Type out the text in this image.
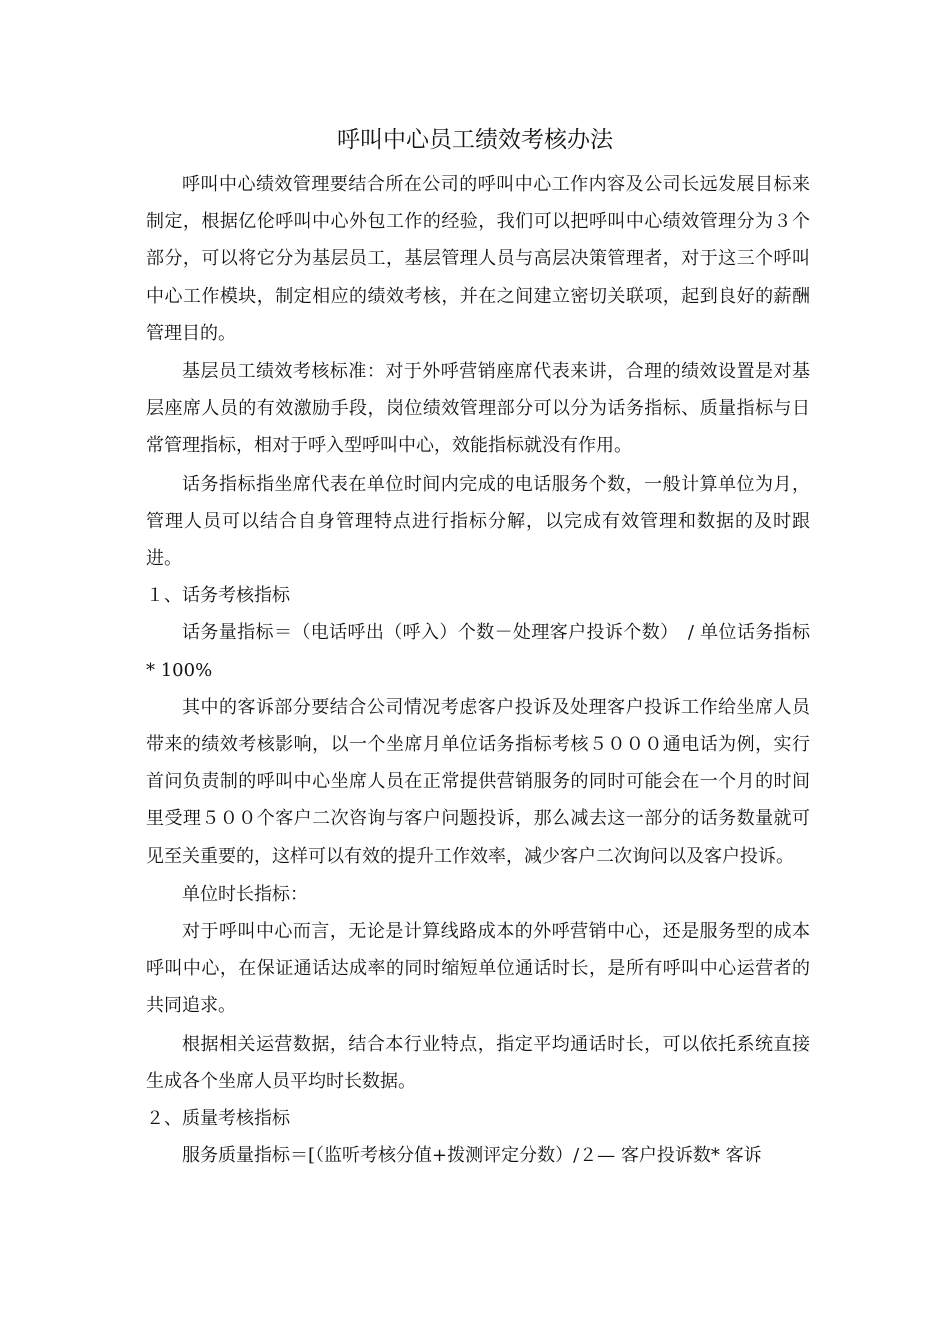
呼叫中心员工绩效考核办法

呼叫中心绩效管理要结合所在公司的呼叫中心工作内容及公司长远发展目标来制定，根据亿伦呼叫中心外包工作的经验，我们可以把呼叫中心绩效管理分为３个部分，可以将它分为基层员工，基层管理人员与高层决策管理者，对于这三个呼叫中心工作模块，制定相应的绩效考核，并在之间建立密切关联项，起到良好的薪酬管理目的。

基层员工绩效考核标准：对于外呼营销座席代表来讲，合理的绩效设置是对基层座席人员的有效激励手段，岗位绩效管理部分可以分为话务指标、质量指标与日常管理指标，相对于呼入型呼叫中心，效能指标就没有作用。

话务指标指坐席代表在单位时间内完成的电话服务个数，一般计算单位为月，管理人员可以结合自身管理特点进行指标分解，以完成有效管理和数据的及时跟进。

１、话务考核指标

话务量指标＝（电话呼出（呼入）个数－处理客户投诉个数）　/ 单位话务指标 * 100%

其中的客诉部分要结合公司情况考虑客户投诉及处理客户投诉工作给坐席人员带来的绩效考核影响，以一个坐席月单位话务指标考核５０００通电话为例，实行首问负责制的呼叫中心坐席人员在正常提供营销服务的同时可能会在一个月的时间里受理５００个客户二次咨询与客户问题投诉，那么减去这一部分的话务数量就可见至关重要的，这样可以有效的提升工作效率，减少客户二次询问以及客户投诉。

单位时长指标：

对于呼叫中心而言，无论是计算线路成本的外呼营销中心，还是服务型的成本呼叫中心，在保证通话达成率的同时缩短单位通话时长，是所有呼叫中心运营者的共同追求。

根据相关运营数据，结合本行业特点，指定平均通话时长，可以依托系统直接生成各个坐席人员平均时长数据。

２、质量考核指标

服务质量指标＝[（监听考核分值+拨测评定分数）/２— 客户投诉数* 客诉
